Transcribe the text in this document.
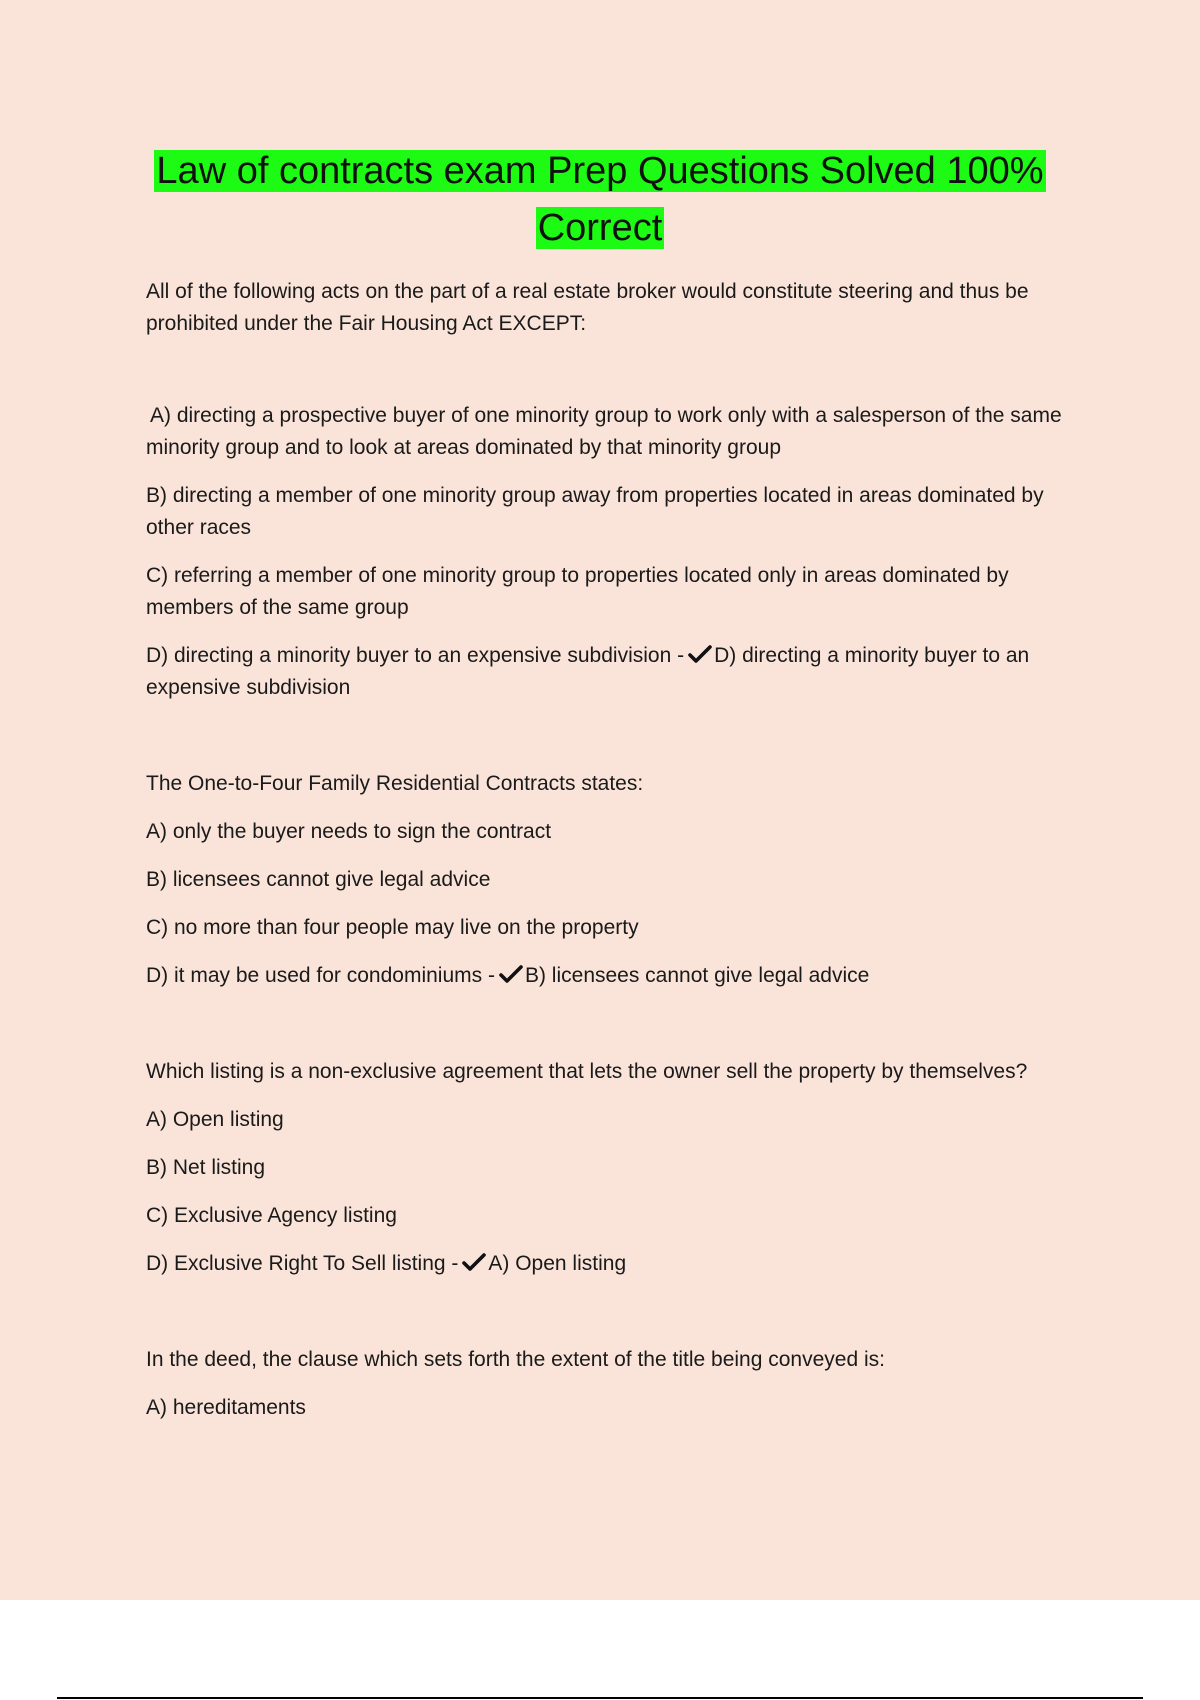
Law of contracts exam Prep Questions Solved 100%
Correct

All of the following acts on the part of a real estate broker would constitute steering and thus be prohibited under the Fair Housing Act EXCEPT:

A) directing a prospective buyer of one minority group to work only with a salesperson of the same minority group and to look at areas dominated by that minority group

B) directing a member of one minority group away from properties located in areas dominated by other races

C) referring a member of one minority group to properties located only in areas dominated by members of the same group

D) directing a minority buyer to an expensive subdivision - D) directing a minority buyer to an expensive subdivision

The One-to-Four Family Residential Contracts states:

A) only the buyer needs to sign the contract

B) licensees cannot give legal advice

C) no more than four people may live on the property

D) it may be used for condominiums - B) licensees cannot give legal advice

Which listing is a non-exclusive agreement that lets the owner sell the property by themselves?

A) Open listing

B) Net listing

C) Exclusive Agency listing

D) Exclusive Right To Sell listing - A) Open listing

In the deed, the clause which sets forth the extent of the title being conveyed is:

A) hereditaments
